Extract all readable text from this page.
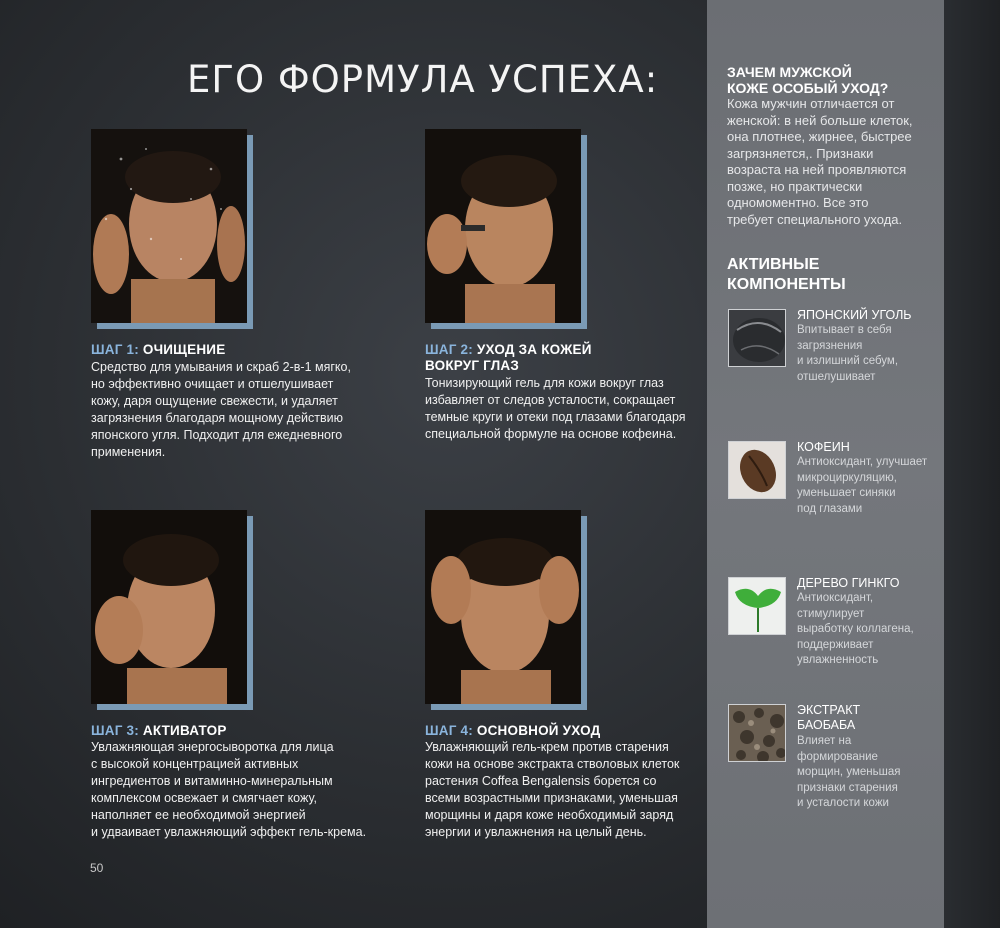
ЕГО ФОРМУЛА УСПЕХА:
ШАГ 1: ОЧИЩЕНИЕ
Средство для умывания и скраб 2-в-1 мягко,
но эффективно очищает и отшелушивает
кожу, даря ощущение свежести, и удаляет
загрязнения благодаря мощному действию
японского угля. Подходит для ежедневного
применения.
ШАГ 2: УХОД ЗА КОЖЕЙ
ВОКРУГ ГЛАЗ
Тонизирующий гель для кожи вокруг глаз
избавляет от следов усталости, сокращает
темные круги и отеки под глазами благодаря
специальной формуле на основе кофеина.
ШАГ 3: АКТИВАТОР
Увлажняющая энергосыворотка для лица
с высокой концентрацией активных
ингредиентов и витаминно-минеральным
комплексом освежает и смягчает кожу,
наполняет ее необходимой энергией
и удваивает увлажняющий эффект гель-крема.
ШАГ 4: ОСНОВНОЙ УХОД
Увлажняющий гель-крем против старения
кожи на основе экстракта стволовых клеток
растения Coffea Bengalensis борется со
всеми возрастными признаками, уменьшая
морщины и даря коже необходимый заряд
энергии и увлажнения на целый день.
ЗАЧЕМ МУЖСКОЙ
КОЖЕ ОСОБЫЙ УХОД?
Кожа мужчин отличается от
женской: в ней больше клеток,
она плотнее, жирнее, быстрее
загрязняется,. Признаки
возраста на ней проявляются
позже, но практически
одномоментно. Все это
требует специального ухода.
АКТИВНЫЕ
КОМПОНЕНТЫ
ЯПОНСКИЙ УГОЛЬ
Впитывает в себя
загрязнения
и излишний себум,
отшелушивает
КОФЕИН
Антиоксидант, улучшает
микроциркуляцию,
уменьшает синяки
под глазами
ДЕРЕВО ГИНКГО
Антиоксидант,
стимулирует
выработку коллагена,
поддерживает
увлажненность
ЭКСТРАКТ
БАОБАБА
Влияет на
формирование
морщин, уменьшая
признаки старения
и усталости кожи
50
